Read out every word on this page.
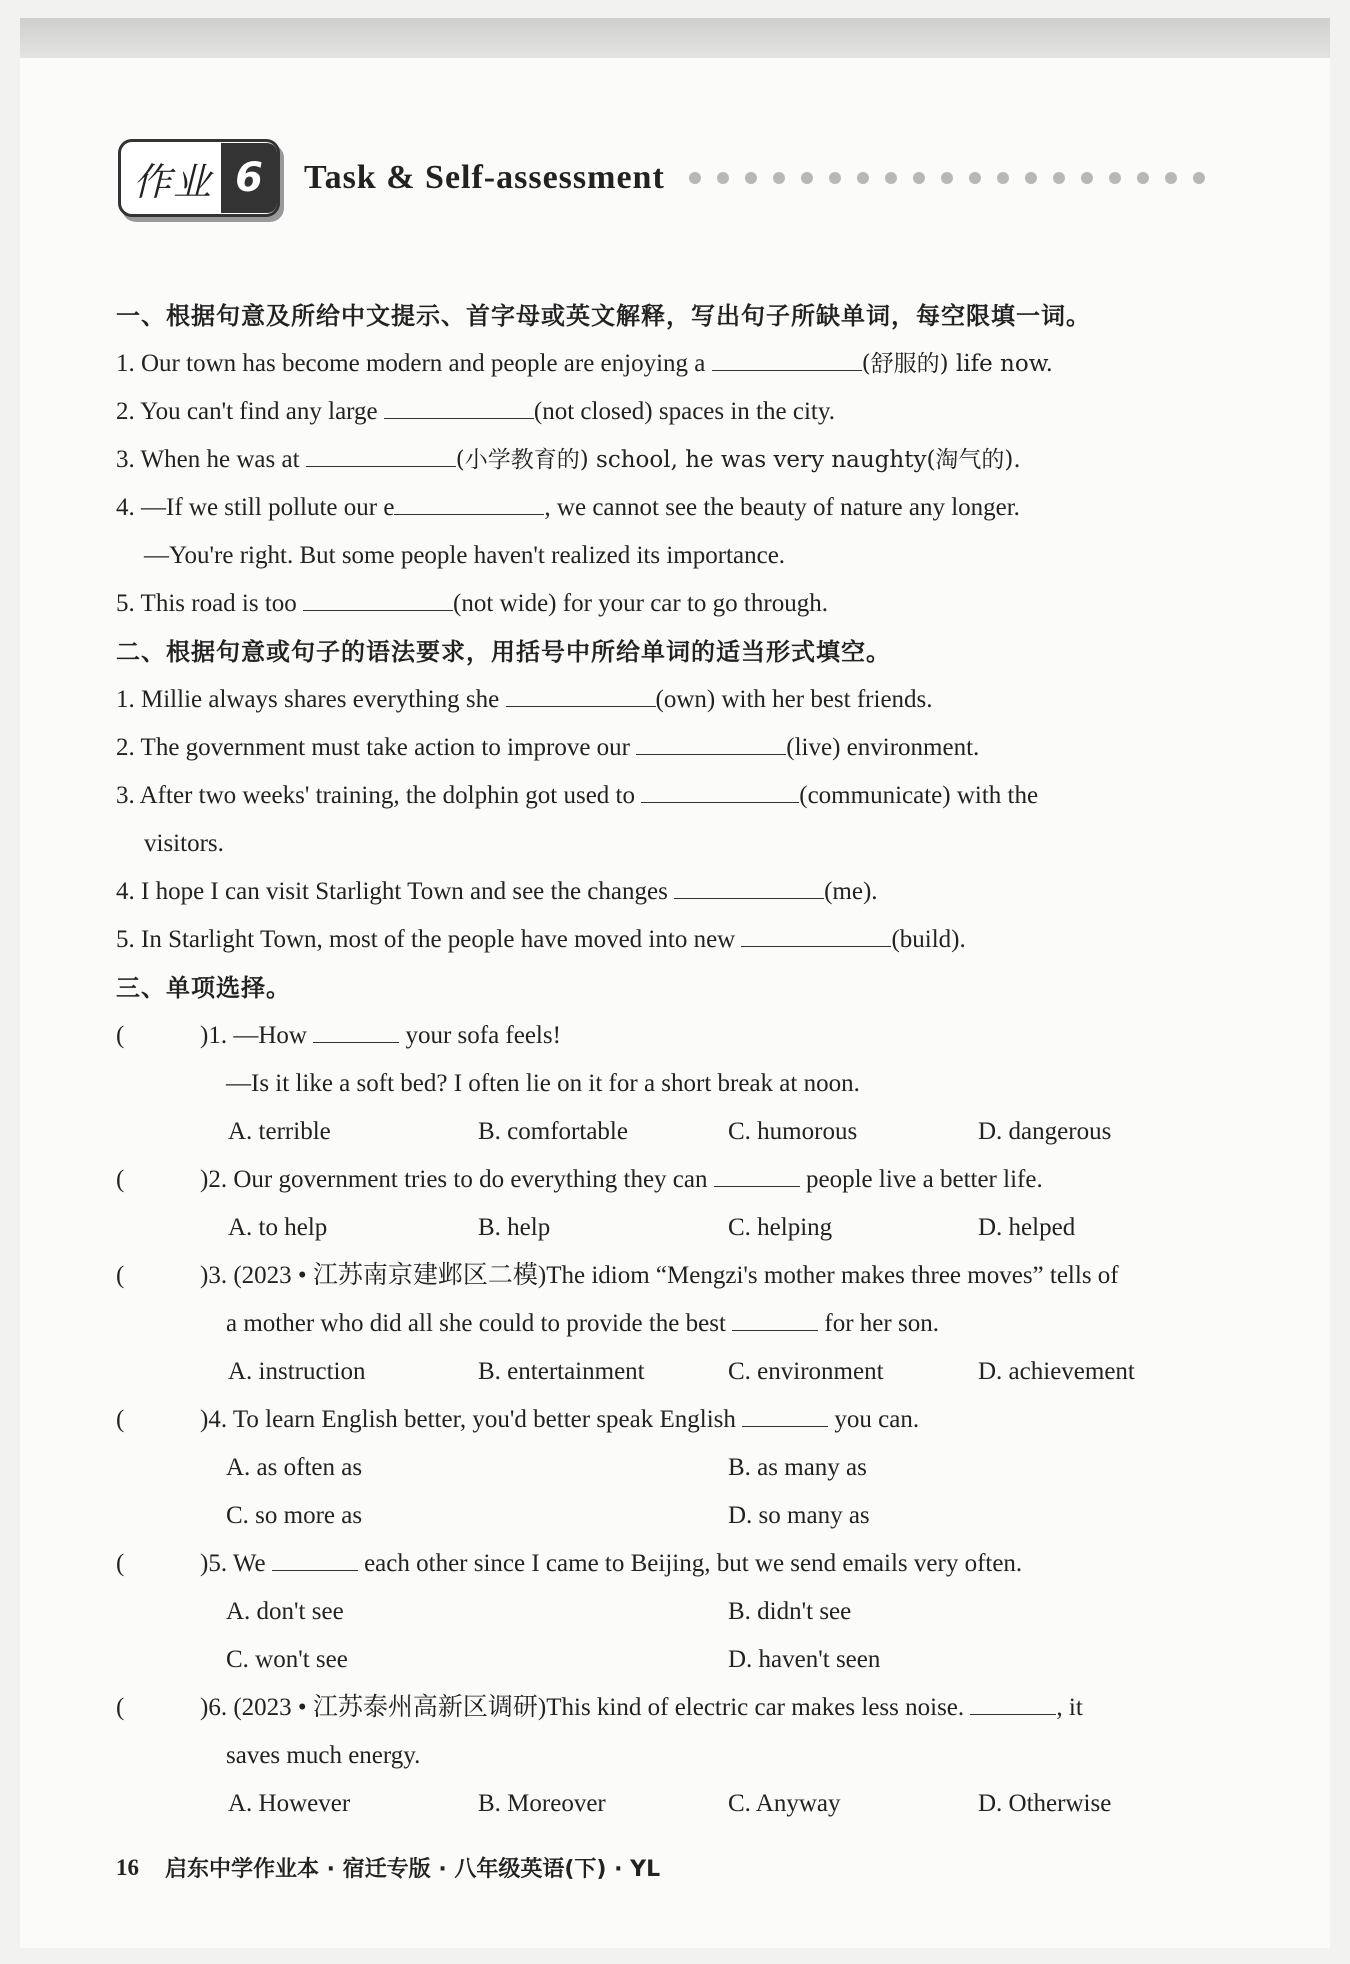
作业 6	Task & Self-assessment
一、根据句意及所给中文提示、首字母或英文解释，写出句子所缺单词，每空限填一词。
1. Our town has become modern and people are enjoying a	(舒服的) life now.
2. You can't find any large	(not closed) spaces in the city.
3. When he was at	(小学教育的) school, he was very naughty(淘气的).
4. —If we still pollute our e	, we cannot see the beauty of nature any longer.
—You're right. But some people haven't realized its importance.
5. This road is too	(not wide) for your car to go through.
二、根据句意或句子的语法要求，用括号中所给单词的适当形式填空。
1. Millie always shares everything she	(own) with her best friends.
2. The government must take action to improve our	(live) environment.
3. After two weeks' training, the dolphin got used to	(communicate) with the
visitors.
4. I hope I can visit Starlight Town and see the changes	(me).
5. In Starlight Town, most of the people have moved into new	(build).
三、单项选择。
(	)1. —How	your sofa feels!
—Is it like a soft bed? I often lie on it for a short break at noon.
A. terrible	B. comfortable	C. humorous	D. dangerous
(	)2. Our government tries to do everything they can	people live a better life.
A. to help	B. help	C. helping	D. helped
(	)3. (2023 • 江苏南京建邺区二模)The idiom “Mengzi's mother makes three moves” tells of
a mother who did all she could to provide the best	for her son.
A. instruction	B. entertainment	C. environment	D. achievement
(	)4. To learn English better, you'd better speak English	you can.
A. as often as	B. as many as
C. so more as	D. so many as
(	)5. We	each other since I came to Beijing, but we send emails very often.
A. don't see	B. didn't see
C. won't see	D. haven't seen
(	)6. (2023 • 江苏泰州高新区调研)This kind of electric car makes less noise.	, it
saves much energy.
A. However	B. Moreover	C. Anyway	D. Otherwise
16 启东中学作业本 · 宿迁专版 · 八年级英语(下) · YL
